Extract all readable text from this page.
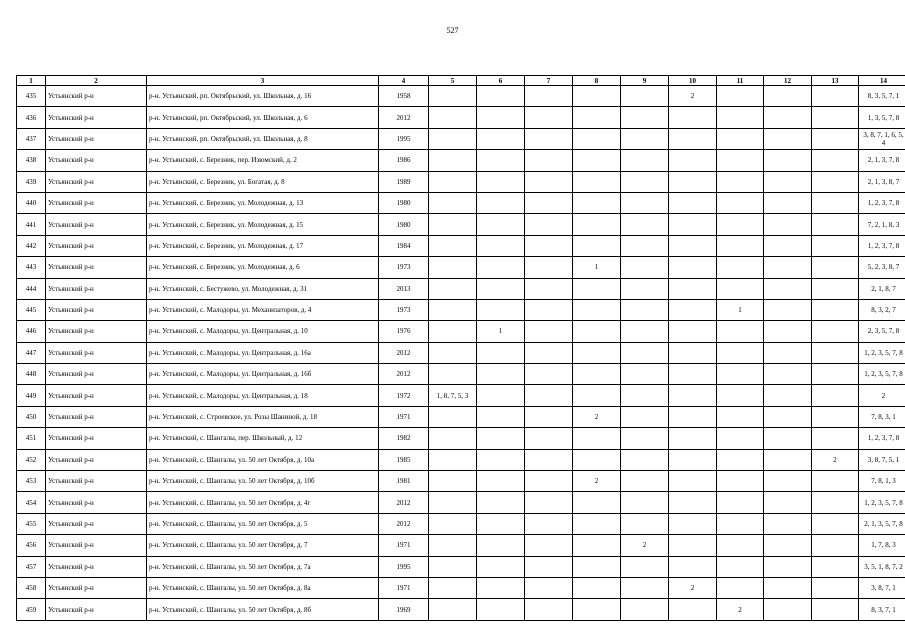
527
1	2	3	4	5	6	7	8	9	10	11	12	13	14
435	Устьянский р-н	р-н. Устьянский, рп. Октябрьский, ул. Школьная, д. 16	1958						2				8, 3, 5, 7, 1
436	Устьянский р-н	р-н. Устьянский, рп. Октябрьский, ул. Школьная, д. 6	2012										1, 3, 5, 7, 8
437	Устьянский р-н	р-н. Устьянский, рп. Октябрьский, ул. Школьная, д. 8	1995										3, 8, 7, 1, 6, 5, 4
438	Устьянский р-н	р-н. Устьянский, с. Березник, пер. Изюмский, д. 2	1986										2, 1, 3, 7, 8
439	Устьянский р-н	р-н. Устьянский, с. Березник, ул. Богатая, д. 8	1989										2, 1, 3, 8, 7
440	Устьянский р-н	р-н. Устьянский, с. Березник, ул. Молодежная, д. 13	1980										1, 2, 3, 7, 8
441	Устьянский р-н	р-н. Устьянский, с. Березник, ул. Молодежная, д. 15	1980										7, 2, 1, 8, 3
442	Устьянский р-н	р-н. Устьянский, с. Березник, ул. Молодежная, д. 17	1984										1, 2, 3, 7, 8
443	Устьянский р-н	р-н. Устьянский, с. Березник, ул. Молодежная, д. 6	1973				1						5, 2, 3, 8, 7
444	Устьянский р-н	р-н. Устьянский, с. Бестужево, ул. Молодежная, д. 31	2013										2, 1, 8, 7
445	Устьянский р-н	р-н. Устьянский, с. Малодоры, ул. Механизаторов, д. 4	1973							1			8, 3, 2, 7
446	Устьянский р-н	р-н. Устьянский, с. Малодоры, ул. Центральная, д. 10	1976		1								2, 3, 5, 7, 8
447	Устьянский р-н	р-н. Устьянский, с. Малодоры, ул. Центральная, д. 16а	2012										1, 2, 3, 5, 7, 8
448	Устьянский р-н	р-н. Устьянский, с. Малодоры, ул. Центральная, д. 16б	2012										1, 2, 3, 5, 7, 8
449	Устьянский р-н	р-н. Устьянский, с. Малодоры, ул. Центральная, д. 18	1972	1, 8, 7, 5, 3									2
450	Устьянский р-н	р-н. Устьянский, с. Строевское, ул. Розы Шаниной, д. 18	1971				2						7, 8, 3, 1
451	Устьянский р-н	р-н. Устьянский, с. Шангалы, пер. Школьный, д. 12	1982										1, 2, 3, 7, 8
452	Устьянский р-н	р-н. Устьянский, с. Шангалы, ул. 50 лет Октября, д. 10а	1985									2	3, 8, 7, 5, 1
453	Устьянский р-н	р-н. Устьянский, с. Шангалы, ул. 50 лет Октября, д. 10б	1981				2						7, 8, 1, 3
454	Устьянский р-н	р-н. Устьянский, с. Шангалы, ул. 50 лет Октября, д. 4г	2012										1, 2, 3, 5, 7, 8
455	Устьянский р-н	р-н. Устьянский, с. Шангалы, ул. 50 лет Октября, д. 5	2012										2, 1, 3, 5, 7, 8
456	Устьянский р-н	р-н. Устьянский, с. Шангалы, ул. 50 лет Октября, д. 7	1971					2					1, 7, 8, 3
457	Устьянский р-н	р-н. Устьянский, с. Шангалы, ул. 50 лет Октября, д. 7а	1995										3, 5, 1, 8, 7, 2
458	Устьянский р-н	р-н. Устьянский, с. Шангалы, ул. 50 лет Октября, д. 8а	1971						2				3, 8, 7, 1
459	Устьянский р-н	р-н. Устьянский, с. Шангалы, ул. 50 лет Октября, д. 8б	1969							2			8, 3, 7, 1
